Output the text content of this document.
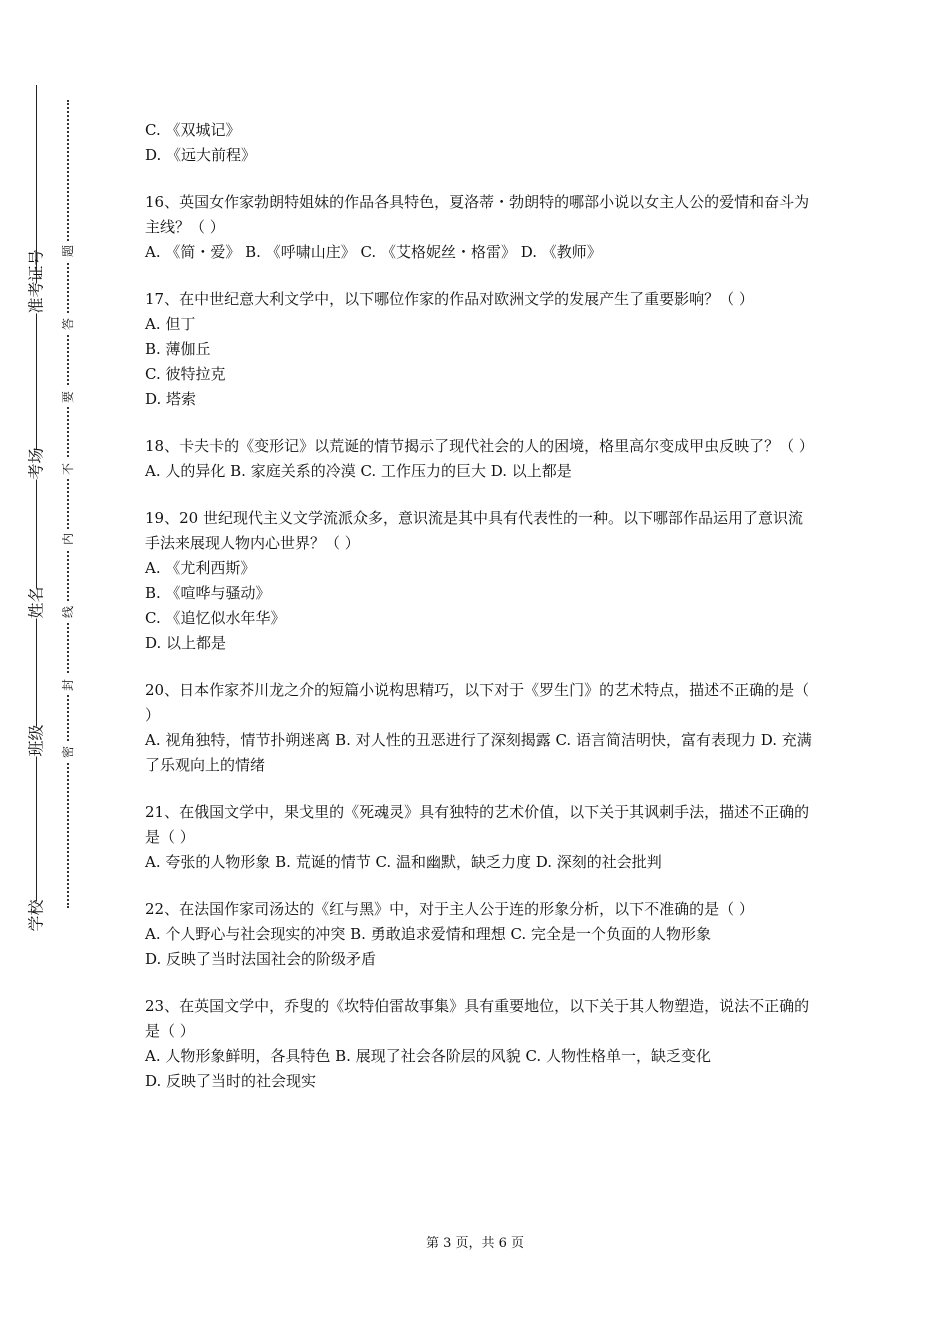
学校
班级
姓名
考场
准考证号
密
封
线
内
不
要
答
题
C. 《双城记》
D. 《远大前程》
16、英国女作家勃朗特姐妹的作品各具特色，夏洛蒂・勃朗特的哪部小说以女主人公的爱情和奋斗为主线？（ ）
A. 《简・爱》 B. 《呼啸山庄》 C. 《艾格妮丝・格雷》 D. 《教师》
17、在中世纪意大利文学中，以下哪位作家的作品对欧洲文学的发展产生了重要影响？（ ）
A. 但丁
B. 薄伽丘
C. 彼特拉克
D. 塔索
18、卡夫卡的《变形记》以荒诞的情节揭示了现代社会的人的困境，格里高尔变成甲虫反映了？（ ）
A. 人的异化 B. 家庭关系的冷漠 C. 工作压力的巨大 D. 以上都是
19、20 世纪现代主义文学流派众多，意识流是其中具有代表性的一种。以下哪部作品运用了意识流手法来展现人物内心世界？（ ）
A. 《尤利西斯》
B. 《喧哗与骚动》
C. 《追忆似水年华》
D. 以上都是
20、日本作家芥川龙之介的短篇小说构思精巧，以下对于《罗生门》的艺术特点，描述不正确的是（ ）
A. 视角独特，情节扑朔迷离 B. 对人性的丑恶进行了深刻揭露 C. 语言简洁明快，富有表现力 D. 充满了乐观向上的情绪
21、在俄国文学中，果戈里的《死魂灵》具有独特的艺术价值，以下关于其讽刺手法，描述不正确的是（ ）
A. 夸张的人物形象 B. 荒诞的情节 C. 温和幽默，缺乏力度 D. 深刻的社会批判
22、在法国作家司汤达的《红与黑》中，对于主人公于连的形象分析，以下不准确的是（ ）
A. 个人野心与社会现实的冲突 B. 勇敢追求爱情和理想 C. 完全是一个负面的人物形象
D. 反映了当时法国社会的阶级矛盾
23、在英国文学中，乔叟的《坎特伯雷故事集》具有重要地位，以下关于其人物塑造，说法不正确的是（ ）
A. 人物形象鲜明，各具特色 B. 展现了社会各阶层的风貌 C. 人物性格单一，缺乏变化
D. 反映了当时的社会现实
第 3 页，共 6 页
